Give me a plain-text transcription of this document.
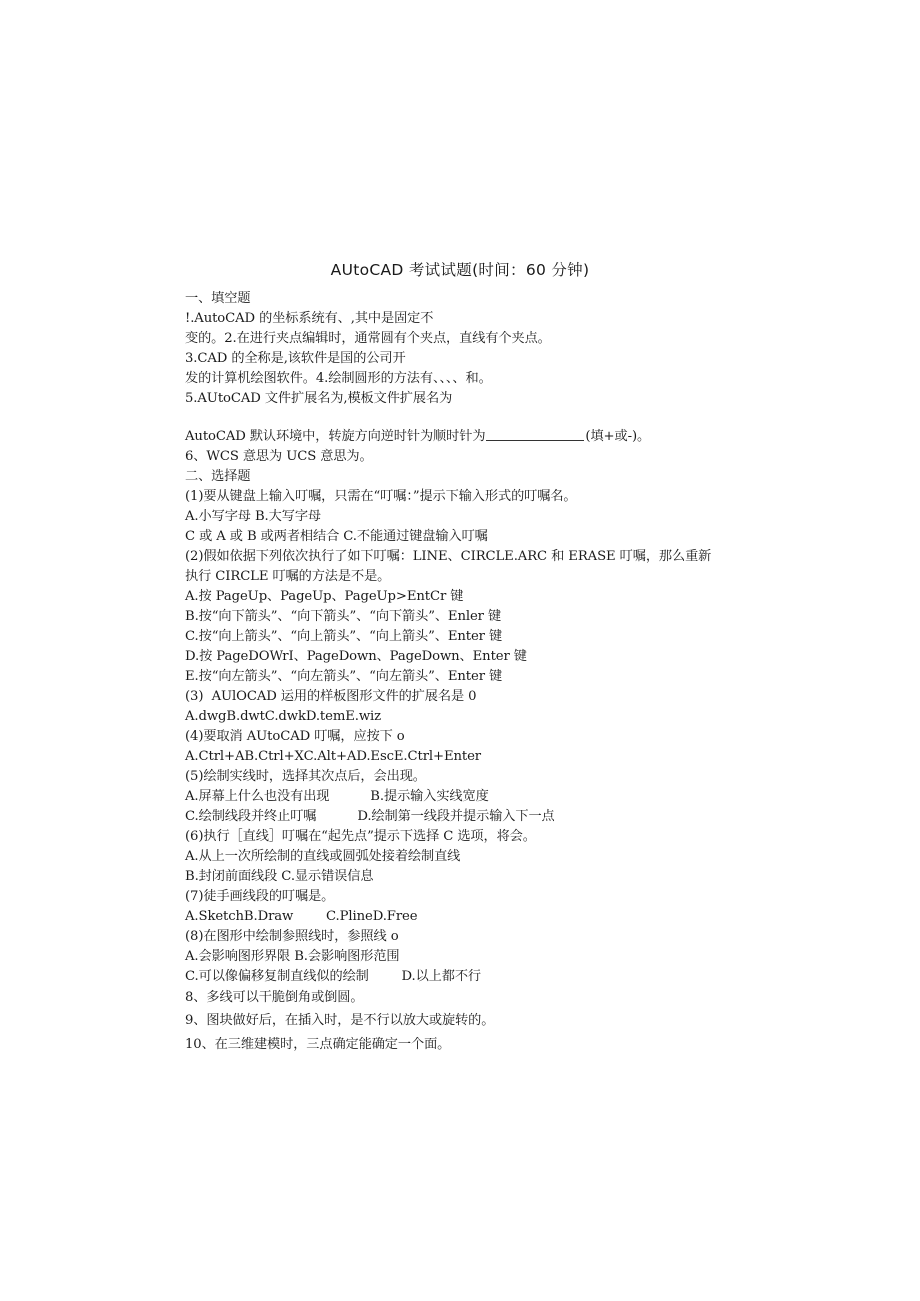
AUtoCAD 考试试题(时间：60 分钟)
一、填空题
!.AutoCAD 的坐标系统有、,其中是固定不
变的。2.在进行夹点编辑时，通常圆有个夹点，直线有个夹点。
3.CAD 的全称是,该软件是国的公司开
发的计算机绘图软件。4.绘制圆形的方法有、、、、和。
5.AUtoCAD 文件扩展名为,模板文件扩展名为
AutoCAD 默认环境中，转旋方向逆时针为顺时针为	(填+或-)。
6、WCS 意思为 UCS 意思为。
二、选择题
(1)要从键盘上输入叮嘱，只需在“叮嘱：”提示下输入形式的叮嘱名。
A.小写字母 B.大写字母
C 或 A 或 B 或两者相结合 C.不能通过键盘输入叮嘱
(2)假如依据下列依次执行了如下叮嘱：LINE、CIRCLE.ARC 和 ERASE 叮嘱，那么重新
执行 CIRCLE 叮嘱的方法是不是。
A.按 PageUp、PageUp、PageUp>EntCr 键
B.按“向下箭头”、“向下箭头”、“向下箭头”、Enler 键
C.按“向上箭头”、“向上箭头”、“向上箭头”、Enter 键
D.按 PageDOWrI、PageDown、PageDown、Enter 键
E.按“向左箭头”、“向左箭头”、“向左箭头”、Enter 键
(3)  AUlOCAD 运用的样板图形文件的扩展名是 0
A.dwgB.dwtC.dwkD.temE.wiz
(4)要取消 AUtoCAD 叮嘱，应按下 o
A.Ctrl+AB.Ctrl+XC.Alt+AD.EscE.Ctrl+Enter
(5)绘制实线时，选择其次点后，会出现。
A.屏幕上什么也没有出现          B.提示输入实线宽度
C.绘制线段并终止叮嘱          D.绘制第一线段并提示输入下一点
(6)执行［直线］叮嘱在“起先点”提示下选择 C 选项，将会。
A.从上一次所绘制的直线或圆弧处接着绘制直线
B.封闭前面线段 C.显示错误信息
(7)徒手画线段的叮嘱是。
A.SketchB.Draw        C.PlineD.Free
(8)在图形中绘制参照线时，参照线 o
A.会影响图形界限 B.会影响图形范围
C.可以像偏移复制直线似的绘制        D.以上都不行
8、多线可以干脆倒角或倒圆。
9、图块做好后，在插入时，是不行以放大或旋转的。
10、在三维建模时，三点确定能确定一个面。
